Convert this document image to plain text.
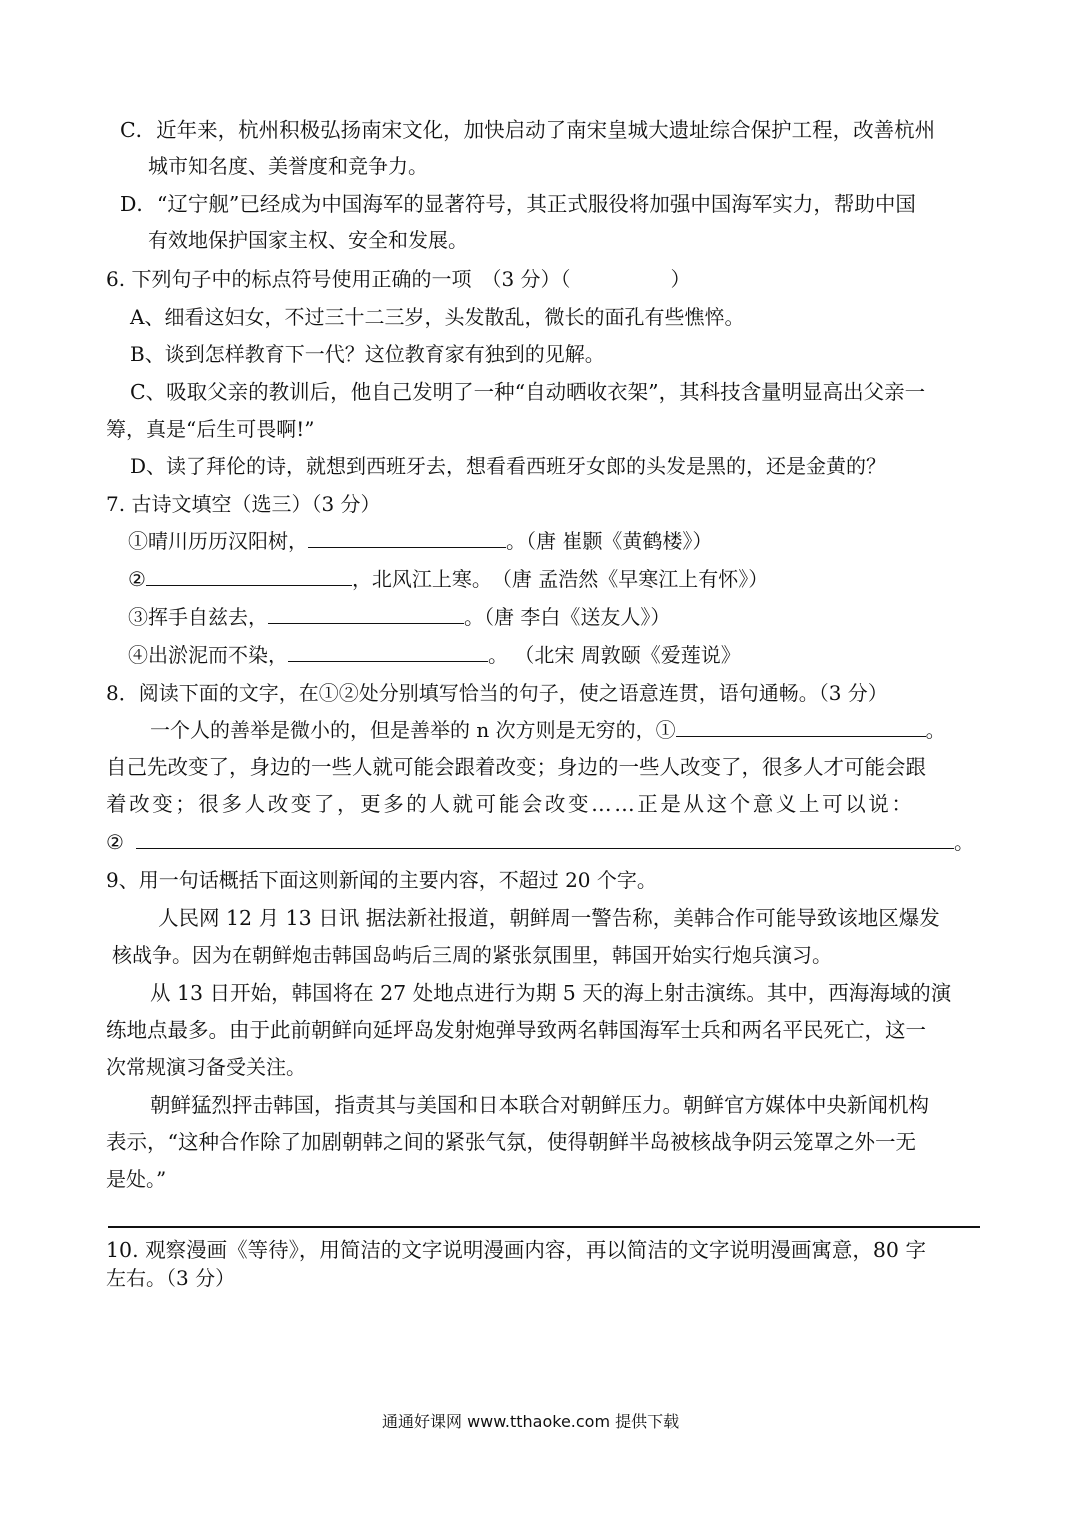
C．近年来，杭州积极弘扬南宋文化，加快启动了南宋皇城大遗址综合保护工程，改善杭州
城市知名度、美誉度和竞争力。
D．“辽宁舰”已经成为中国海军的显著符号，其正式服役将加强中国海军实力，帮助中国
有效地保护国家主权、安全和发展。
6. 下列句子中的标点符号使用正确的一项　（3 分）（　　　　　）
A、细看这妇女，不过三十二三岁，头发散乱，微长的面孔有些憔悴。
B、谈到怎样教育下一代？这位教育家有独到的见解。
C、吸取父亲的教训后，他自己发明了一种“自动晒收衣架”，其科技含量明显高出父亲一
筹，真是“后生可畏啊!”
D、读了拜伦的诗，就想到西班牙去，想看看西班牙女郎的头发是黑的，还是金黄的？
7. 古诗文填空（选三）（3 分）
①晴川历历汉阳树，	。（唐 崔颢《黄鹤楼》）
②	，北风江上寒。　（唐 孟浩然《早寒江上有怀》）
③挥手自兹去，	。（唐 李白《送友人》）
④出淤泥而不染，	。 （北宋 周敦颐《爱莲说》
8．阅读下面的文字，在①②处分别填写恰当的句子，使之语意连贯，语句通畅。（3 分）
一个人的善举是微小的，但是善举的 n 次方则是无穷的，①	。
自己先改变了，身边的一些人就可能会跟着改变；身边的一些人改变了，很多人才可能会跟
着改变；很多人改变了，更多的人就可能会改变……正是从这个意义上可以说：
②	。
9、用一句话概括下面这则新闻的主要内容，不超过 20 个字。
人民网 12 月 13 日讯 据法新社报道，朝鲜周一警告称，美韩合作可能导致该地区爆发
核战争。因为在朝鲜炮击韩国岛屿后三周的紧张氛围里，韩国开始实行炮兵演习。
从 13 日开始，韩国将在 27 处地点进行为期 5 天的海上射击演练。其中，西海海域的演
练地点最多。由于此前朝鲜向延坪岛发射炮弹导致两名韩国海军士兵和两名平民死亡，这一
次常规演习备受关注。
朝鲜猛烈抨击韩国，指责其与美国和日本联合对朝鲜压力。朝鲜官方媒体中央新闻机构
表示，“这种合作除了加剧朝韩之间的紧张气氛，使得朝鲜半岛被核战争阴云笼罩之外一无
是处。”
10. 观察漫画《等待》，用简洁的文字说明漫画内容，再以简洁的文字说明漫画寓意，80 字
左右。（3 分）
通通好课网 www.tthaoke.com 提供下载
